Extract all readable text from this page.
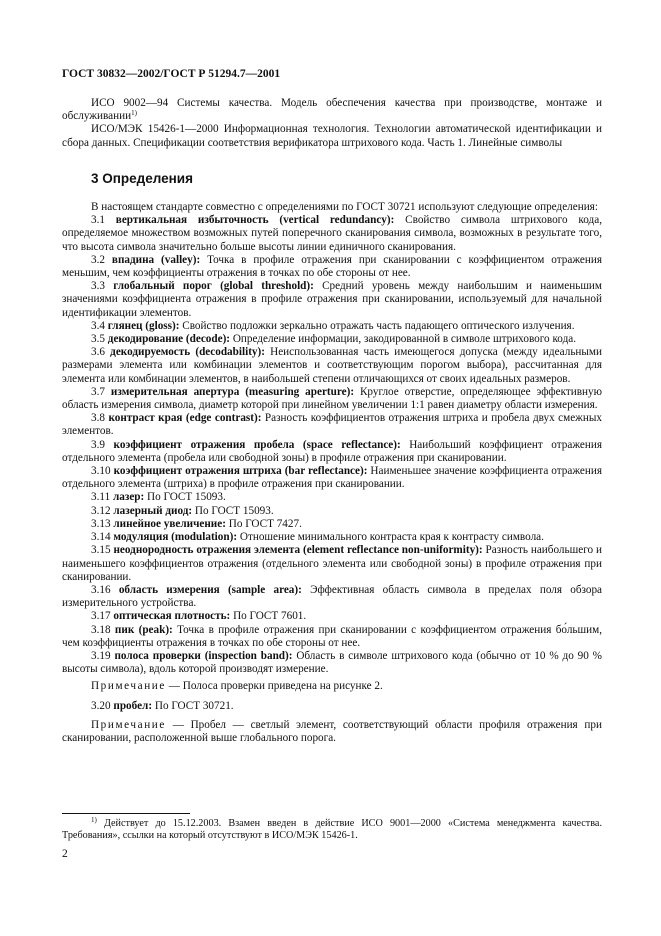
ГОСТ 30832—2002/ГОСТ Р 51294.7—2001

ИСО 9002—94 Системы качества. Модель обеспечения качества при производстве, монтаже и обслуживании$^{1)}$

ИСО/МЭК 15426-1—2000 Информационная технология. Технологии автоматической идентификации и сбора данных. Спецификации соответствия верификатора штрихового кода. Часть 1. Линейные символы

3 Определения

В настоящем стандарте совместно с определениями по ГОСТ 30721 используют следующие определения:

3.1 вертикальная избыточность (vertical redundancy): Свойство символа штрихового кода, определяемое множеством возможных путей поперечного сканирования символа, возможных в результате того, что высота символа значительно больше высоты линии единичного сканирования.

3.2 впадина (valley): Точка в профиле отражения при сканировании с коэффициентом отражения меньшим, чем коэффициенты отражения в точках по обе стороны от нее.

3.3 глобальный порог (global threshold): Средний уровень между наибольшим и наименьшим значениями коэффициента отражения в профиле отражения при сканировании, используемый для начальной идентификации элементов.

3.4 глянец (gloss): Свойство подложки зеркально отражать часть падающего оптического излучения.

3.5 декодирование (decode): Определение информации, закодированной в символе штрихового кода.

3.6 декодируемость (decodability): Неиспользованная часть имеющегося допуска (между идеальными размерами элемента или комбинации элементов и соответствующим порогом выбора), рассчитанная для элемента или комбинации элементов, в наибольшей степени отличающихся от своих идеальных размеров.

3.7 измерительная апертура (measuring aperture): Круглое отверстие, определяющее эффективную область измерения символа, диаметр которой при линейном увеличении 1:1 равен диаметру области измерения.

3.8 контраст края (edge contrast): Разность коэффициентов отражения штриха и пробела двух смежных элементов.

3.9 коэффициент отражения пробела (space reflectance): Наибольший коэффициент отражения отдельного элемента (пробела или свободной зоны) в профиле отражения при сканировании.

3.10 коэффициент отражения штриха (bar reflectance): Наименьшее значение коэффициента отражения отдельного элемента (штриха) в профиле отражения при сканировании.

3.11 лазер: По ГОСТ 15093.

3.12 лазерный диод: По ГОСТ 15093.

3.13 линейное увеличение: По ГОСТ 7427.

3.14 модуляция (modulation): Отношение минимального контраста края к контрасту символа.

3.15 неоднородность отражения элемента (element reflectance non-uniformity): Разность наибольшего и наименьшего коэффициентов отражения (отдельного элемента или свободной зоны) в профиле отражения при сканировании.

3.16 область измерения (sample area): Эффективная область символа в пределах поля обзора измерительного устройства.

3.17 оптическая плотность: По ГОСТ 7601.

3.18 пик (peak): Точка в профиле отражения при сканировании с коэффициентом отражения бо́льшим, чем коэффициенты отражения в точках по обе стороны от нее.

3.19 полоса проверки (inspection band): Область в символе штрихового кода (обычно от 10 % до 90 % высоты символа), вдоль которой производят измерение.

Примечание — Полоса проверки приведена на рисунке 2.

3.20 пробел: По ГОСТ 30721.

Примечание — Пробел — светлый элемент, соответствующий области профиля отражения при сканировании, расположенной выше глобального порога.

$^{1)}$ Действует до 15.12.2003. Взамен введен в действие ИСО 9001—2000 «Система менеджмента качества. Требования», ссылки на который отсутствуют в ИСО/МЭК 15426-1.
2
